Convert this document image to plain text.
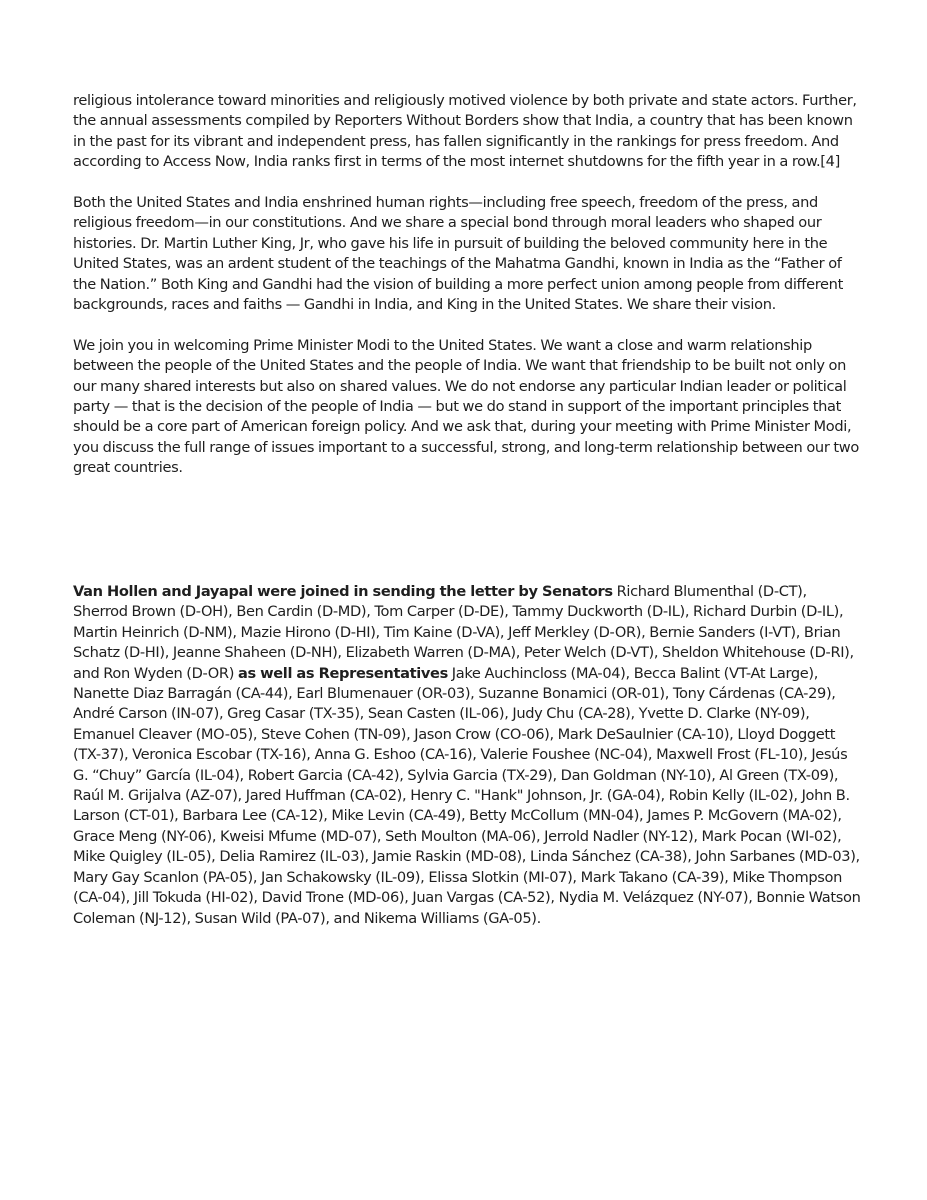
religious intolerance toward minorities and religiously motived violence by both private and state actors. Further, the annual assessments compiled by Reporters Without Borders show that India, a country that has been known in the past for its vibrant and independent press, has fallen significantly in the rankings for press freedom. And according to Access Now, India ranks first in terms of the most internet shutdowns for the fifth year in a row.[4]

Both the United States and India enshrined human rights—including free speech, freedom of the press, and religious freedom—in our constitutions. And we share a special bond through moral leaders who shaped our histories. Dr. Martin Luther King, Jr, who gave his life in pursuit of building the beloved community here in the United States, was an ardent student of the teachings of the Mahatma Gandhi, known in India as the “Father of the Nation.” Both King and Gandhi had the vision of building a more perfect union among people from different backgrounds, races and faiths — Gandhi in India, and King in the United States. We share their vision.

We join you in welcoming Prime Minister Modi to the United States. We want a close and warm relationship between the people of the United States and the people of India. We want that friendship to be built not only on our many shared interests but also on shared values. We do not endorse any particular Indian leader or political party — that is the decision of the people of India — but we do stand in support of the important principles that should be a core part of American foreign policy. And we ask that, during your meeting with Prime Minister Modi, you discuss the full range of issues important to a successful, strong, and long-term relationship between our two great countries.

Van Hollen and Jayapal were joined in sending the letter by Senators Richard Blumenthal (D-CT), Sherrod Brown (D-OH), Ben Cardin (D-MD), Tom Carper (D-DE), Tammy Duckworth (D-IL), Richard Durbin (D-IL), Martin Heinrich (D-NM), Mazie Hirono (D-HI), Tim Kaine (D-VA), Jeff Merkley (D-OR), Bernie Sanders (I-VT), Brian Schatz (D-HI), Jeanne Shaheen (D-NH), Elizabeth Warren (D-MA), Peter Welch (D-VT), Sheldon Whitehouse (D-RI), and Ron Wyden (D-OR) as well as Representatives Jake Auchincloss (MA-04), Becca Balint (VT-At Large), Nanette Diaz Barragán (CA-44), Earl Blumenauer (OR-03), Suzanne Bonamici (OR-01), Tony Cárdenas (CA-29), André Carson (IN-07), Greg Casar (TX-35), Sean Casten (IL-06), Judy Chu (CA-28), Yvette D. Clarke (NY-09), Emanuel Cleaver (MO-05), Steve Cohen (TN-09), Jason Crow (CO-06), Mark DeSaulnier (CA-10), Lloyd Doggett (TX-37), Veronica Escobar (TX-16), Anna G. Eshoo (CA-16), Valerie Foushee (NC-04), Maxwell Frost (FL-10), Jesús G. “Chuy” García (IL-04), Robert Garcia (CA-42), Sylvia Garcia (TX-29), Dan Goldman (NY-10), Al Green (TX-09), Raúl M. Grijalva (AZ-07), Jared Huffman (CA-02), Henry C. "Hank" Johnson, Jr. (GA-04), Robin Kelly (IL-02), John B. Larson (CT-01), Barbara Lee (CA-12), Mike Levin (CA-49), Betty McCollum (MN-04), James P. McGovern (MA-02), Grace Meng (NY-06), Kweisi Mfume (MD-07), Seth Moulton (MA-06), Jerrold Nadler (NY-12), Mark Pocan (WI-02), Mike Quigley (IL-05), Delia Ramirez (IL-03), Jamie Raskin (MD-08), Linda Sánchez (CA-38), John Sarbanes (MD-03), Mary Gay Scanlon (PA-05), Jan Schakowsky (IL-09), Elissa Slotkin (MI-07), Mark Takano (CA-39), Mike Thompson (CA-04), Jill Tokuda (HI-02), David Trone (MD-06), Juan Vargas (CA-52), Nydia M. Velázquez (NY-07), Bonnie Watson Coleman (NJ-12), Susan Wild (PA-07), and Nikema Williams (GA-05).
